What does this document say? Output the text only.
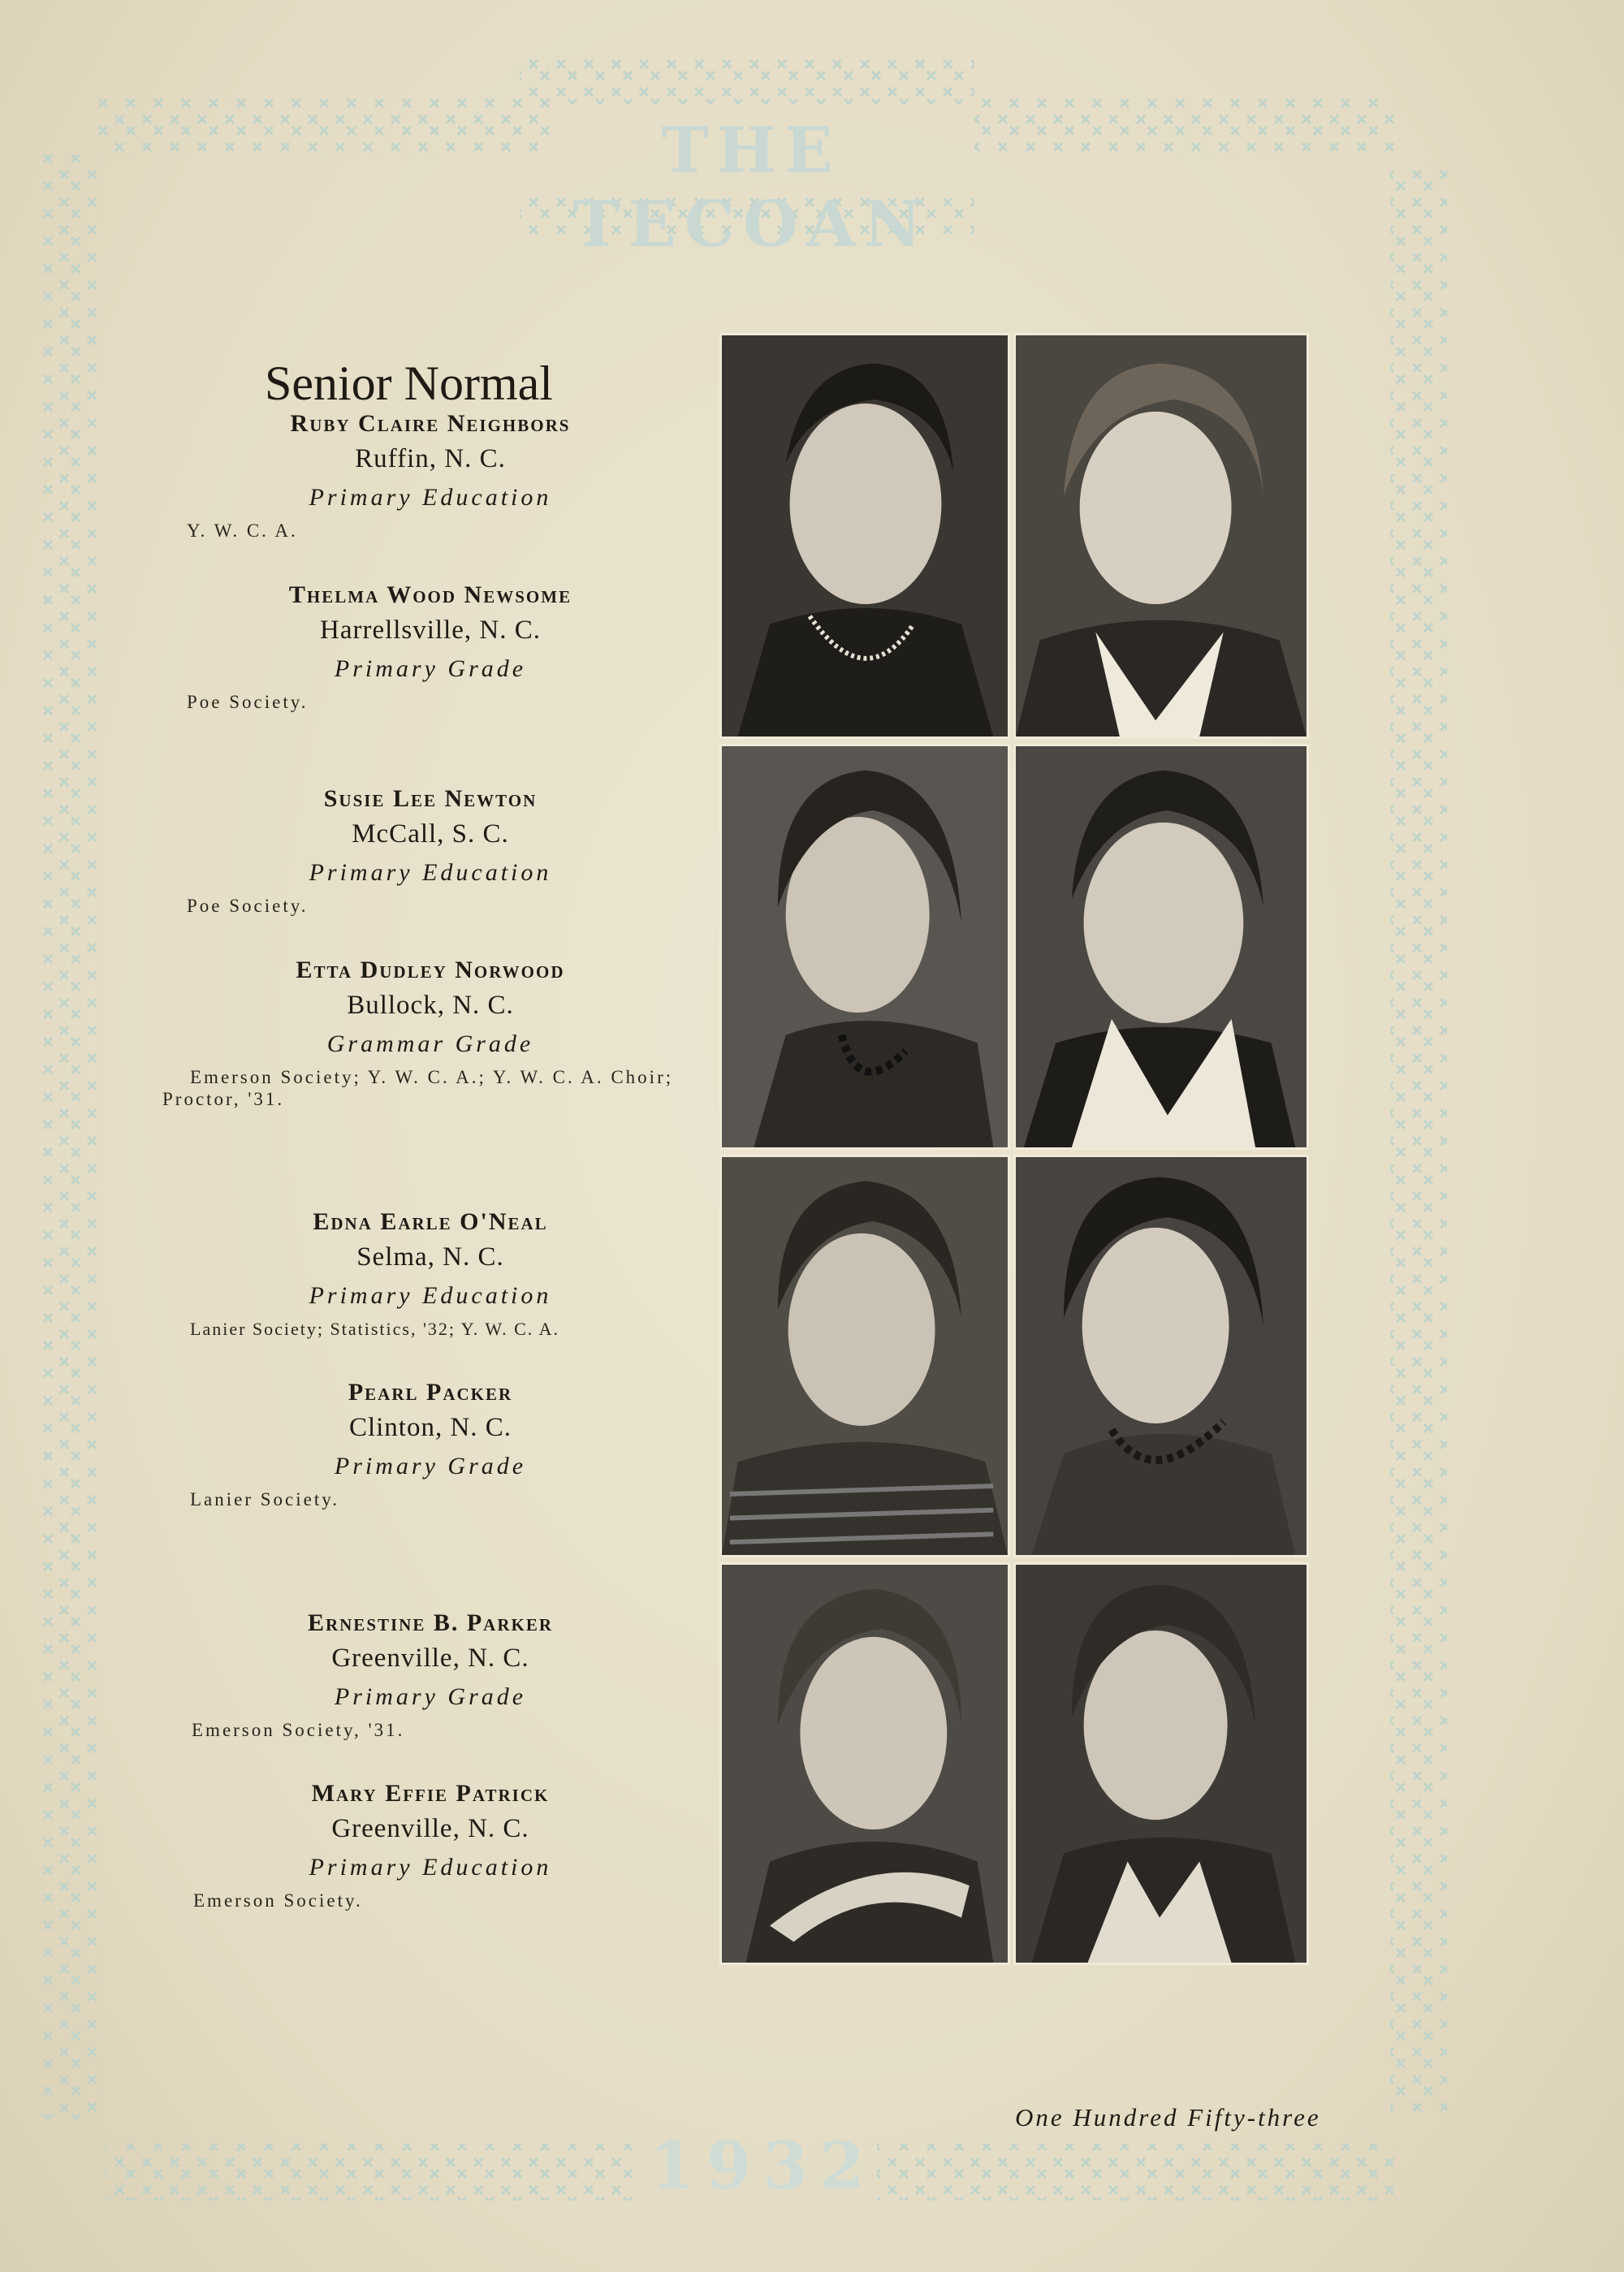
THE TECOAN
1932
Senior Normal
Ruby Claire Neighbors
Ruffin, N. C.
Primary Education
Y. W. C. A.
Thelma Wood Newsome
Harrellsville, N. C.
Primary Grade
Poe Society.
Susie Lee Newton
McCall, S. C.
Primary Education
Poe Society.
Etta Dudley Norwood
Bullock, N. C.
Grammar Grade
Emerson Society; Y. W. C. A.; Y. W. C. A. Choir; Proctor, '31.
Edna Earle O'Neal
Selma, N. C.
Primary Education
Lanier Society; Statistics, '32; Y. W. C. A.
Pearl Packer
Clinton, N. C.
Primary Grade
Lanier Society.
Ernestine B. Parker
Greenville, N. C.
Primary Grade
Emerson Society, '31.
Mary Effie Patrick
Greenville, N. C.
Primary Education
Emerson Society.
One Hundred Fifty-three
